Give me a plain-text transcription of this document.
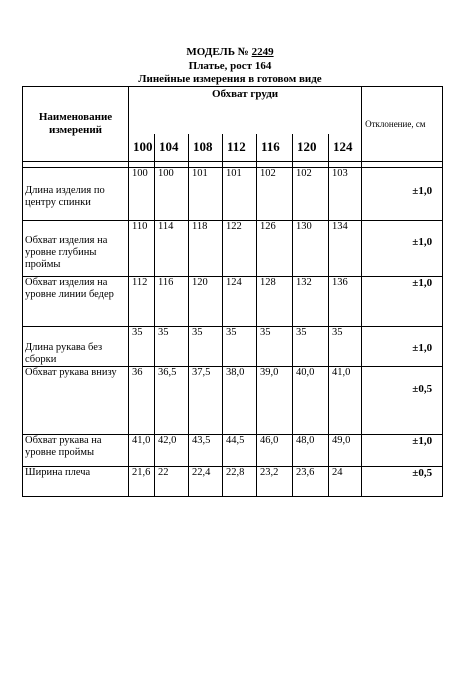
МОДЕЛЬ № 2249
Платье, рост 164
Линейные измерения в готовом виде
Наименование измерений	Обхват груди							Отклонение, см
	100	104	108	112	116	120	124	

Длина изделия по центру спинки	100	100	101	101	102	102	103	±1,0
Обхват изделия на уровне глубины проймы	110	114	118	122	126	130	134	±1,0
Обхват изделия на уровне линии бедер	112	116	120	124	128	132	136	±1,0
Длина рукава без сборки	35	35	35	35	35	35	35	±1,0
Обхват рукава внизу	36	36,5	37,5	38,0	39,0	40,0	41,0	±0,5
Обхват рукава на уровне проймы	41,0	42,0	43,5	44,5	46,0	48,0	49,0	±1,0
Ширина плеча	21,6	22	22,4	22,8	23,2	23,6	24	±0,5
